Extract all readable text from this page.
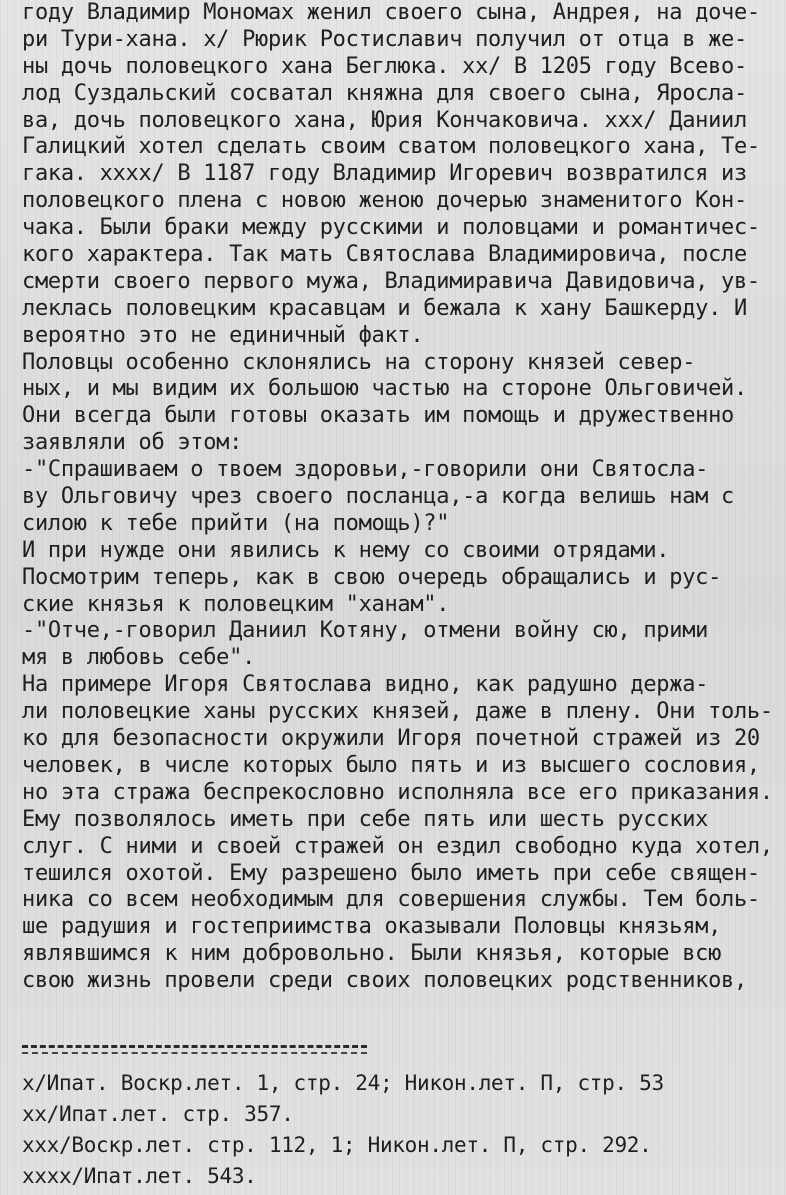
году Владимир Мономах женил своего сына, Андрея, на доче-
ри Тури-хана. x/ Рюрик Ростиславич получил от отца в же-
ны дочь половецкого хана Беглюка. xx/ В 1205 году Всево-
лод Суздальский сосватал княжна для своего сына, Яросла-
ва, дочь половецкого хана, Юрия Кончаковича. xxx/ Даниил
Галицкий хотел сделать своим сватом половецкого хана, Те-
гака. xxxx/ В 1187 году Владимир Игоревич возвратился из
половецкого плена с новою женою дочерью знаменитого Кон-
чака. Были браки между русскими и половцами и романтичес-
кого характера. Так мать Святослава Владимировича, после
смерти своего первого мужа, Владимиравича Давидовича, ув-
леклась половецким красавцам и бежала к хану Башкерду. И
вероятно это не единичный факт.
Половцы особенно склонялись на сторону князей север-
ных, и мы видим их большою частью на стороне Ольговичей.
Они всегда были готовы оказать им помощь и дружественно
заявляли об этом:
-"Спрашиваем о твоем здоровьи,-говорили они Святосла-
ву Ольговичу чрез своего посланца,-а когда велишь нам с
силою к тебе прийти (на помощь)?"
И при нужде они явились к нему со своими отрядами.
Посмотрим теперь, как в свою очередь обращались и рус-
ские князья к половецким "ханам".
-"Отче,-говорил Даниил Котяну, отмени войну сю, прими
мя в любовь себе".
На примере Игоря Святослава видно, как радушно держа-
ли половецкие ханы русских князей, даже в плену. Они толь-
ко для безопасности окружили Игоря почетной стражей из 20
человек, в числе которых было пять и из высшего сословия,
но эта стража беспрекословно исполняла все его приказания.
Ему позволялось иметь при себе пять или шесть русских
слуг. С ними и своей стражей он ездил свободно куда хотел,
тешился охотой. Ему разрешено было иметь при себе священ-
ника со всем необходимым для совершения службы. Тем боль-
ше радушия и гостеприимства оказывали Половцы князьям,
являвшимся к ним добровольно. Были князья, которые всю
свою жизнь провели среди своих половецких родственников,
x/Ипат. Воскр.лет. 1, стр. 24; Никон.лет. П, стр. 53
xx/Ипат.лет. стр. 357.
xxx/Воскр.лет. стр. 112, 1; Никон.лет. П, стр. 292.
xxxx/Ипат.лет. 543.
